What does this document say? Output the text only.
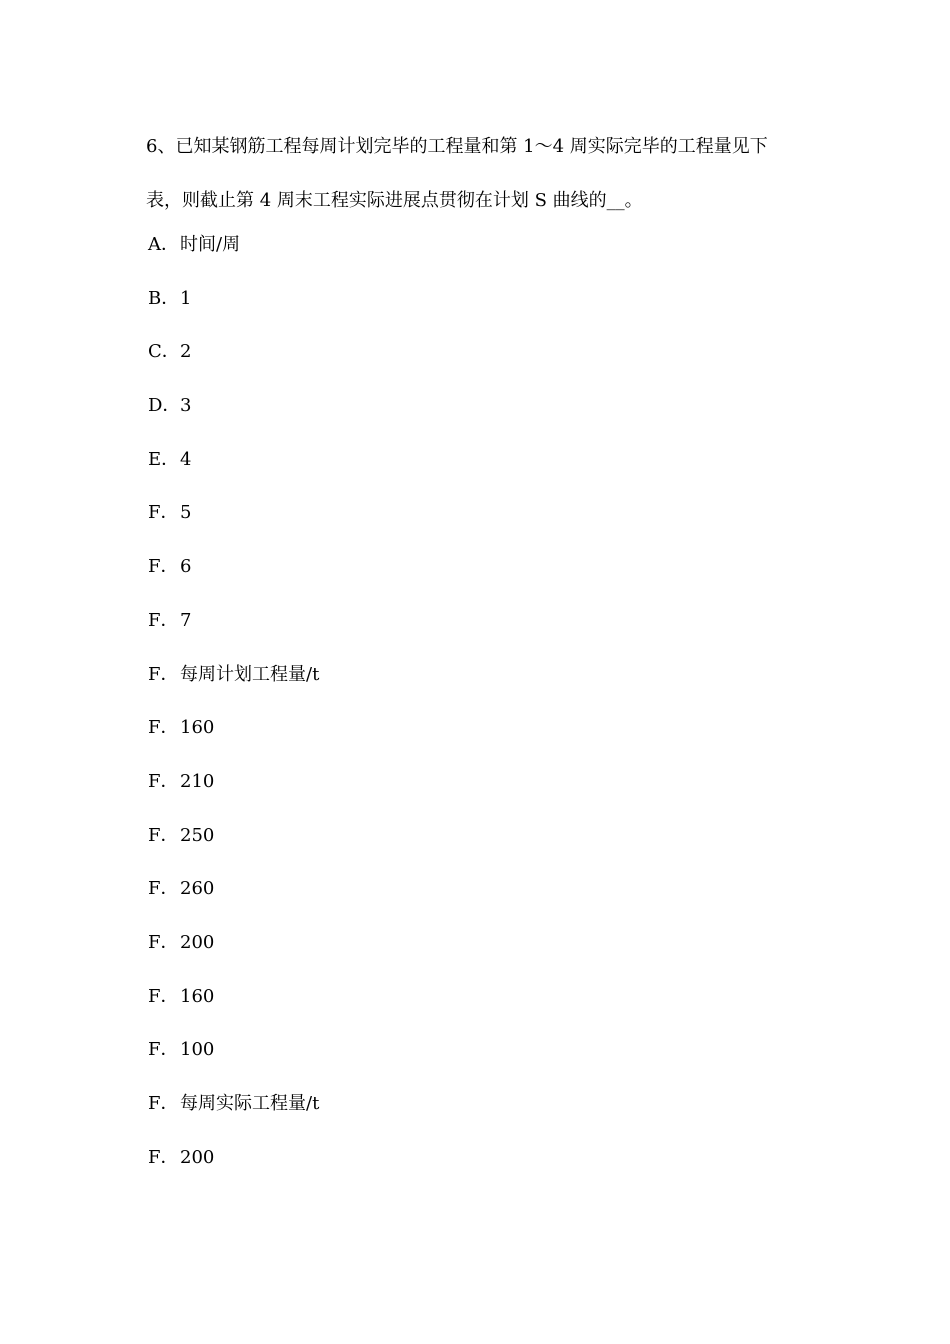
6、已知某钢筋工程每周计划完毕的工程量和第 1～4 周实际完毕的工程量见下
表，则截止第 4 周末工程实际进展点贯彻在计划 S 曲线的__。

A．时间/周
B．1
C．2
D．3
E．4
F．5
F．6
F．7
F．每周计划工程量/t
F．160
F．210
F．250
F．260
F．200
F．160
F．100
F．每周实际工程量/t
F．200
